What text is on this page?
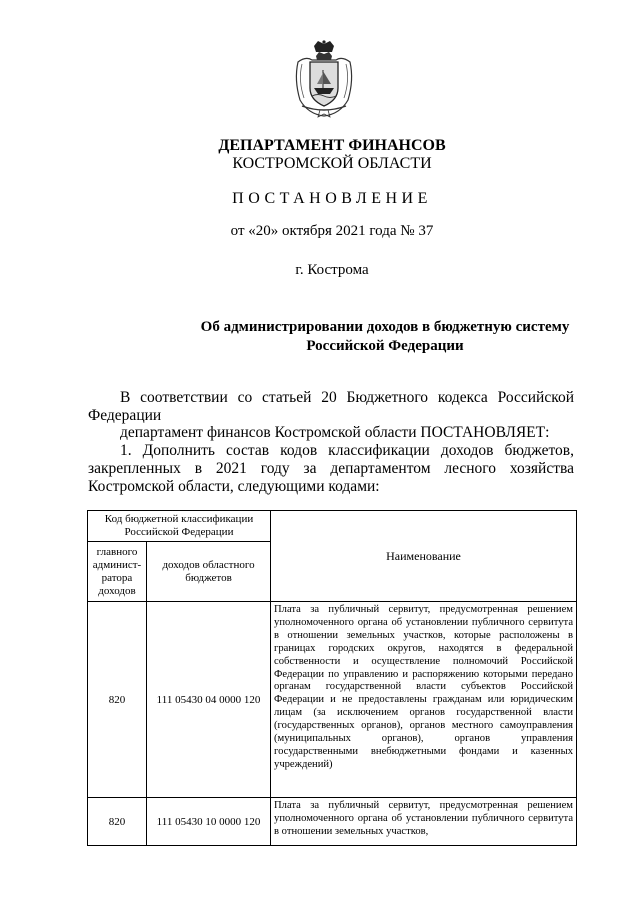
ДЕПАРТАМЕНТ ФИНАНСОВ
КОСТРОМСКОЙ ОБЛАСТИ
ПОСТАНОВЛЕНИЕ
от «20» октября 2021 года № 37
г. Кострома
Об администрировании доходов в бюджетную систему
Российской Федерации
В соответствии со статьей 20 Бюджетного кодекса Российской
Федерации
департамент финансов Костромской области ПОСТАНОВЛЯЕТ:
1. Дополнить состав кодов классификации доходов бюджетов,
закрепленных в 2021 году за департаментом лесного хозяйства
Костромской области, следующими кодами:
Код бюджетной классификации Российской Федерации		Наименование
главного админист-ратора доходов	доходов областного бюджетов	
820	111 05430 04 0000 120	Плата за публичный сервитут, предусмотренная решением уполномоченного органа об установлении публичного сервитута в отношении земельных участков, которые расположены в границах городских округов, находятся в федеральной собственности и осуществление полномочий Российской Федерации по управлению и распоряжению которыми передано органам государственной власти субъектов Российской Федерации и не предоставлены гражданам или юридическим лицам (за исключением органов государственной власти (государственных органов), органов местного самоуправления (муниципальных органов), органов управления государственными внебюджетными фондами и казенных учреждений)
820	111 05430 10 0000 120	Плата за публичный сервитут, предусмотренная решением уполномоченного органа об установлении публичного сервитута в отношении земельных участков,
